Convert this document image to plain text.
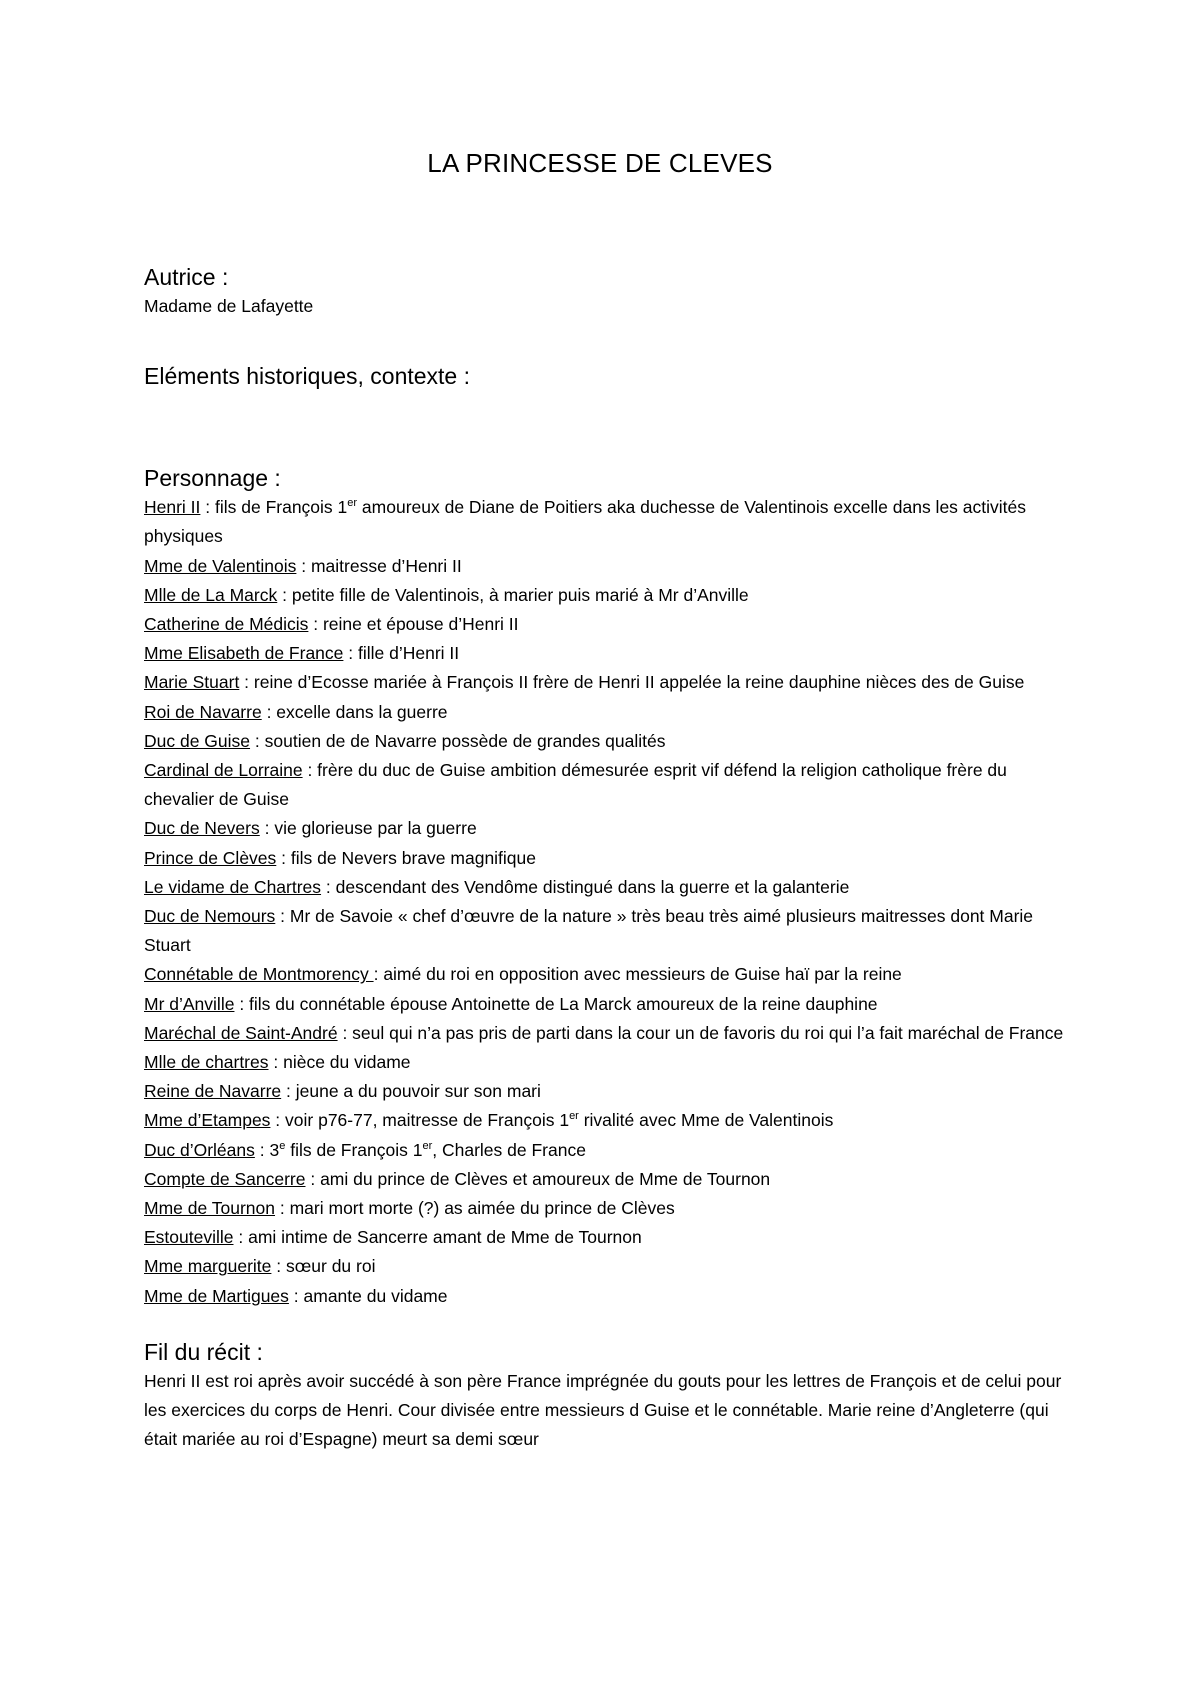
LA PRINCESSE DE CLEVES

Autrice :

Madame de Lafayette

Eléments historiques, contexte :

Personnage :

Henri II : fils de François 1er amoureux de Diane de Poitiers aka duchesse de Valentinois excelle dans les activités physiques

Mme de Valentinois : maitresse d’Henri II

Mlle de La Marck : petite fille de Valentinois, à marier puis marié à Mr d’Anville

Catherine de Médicis : reine et épouse d’Henri II

Mme Elisabeth de France : fille d’Henri II

Marie Stuart : reine d’Ecosse mariée à François II frère de Henri II appelée la reine dauphine nièces des de Guise

Roi de Navarre : excelle dans la guerre

Duc de Guise : soutien de de Navarre possède de grandes qualités

Cardinal de Lorraine : frère du duc de Guise ambition démesurée esprit vif défend la religion catholique frère du chevalier de Guise

Duc de Nevers : vie glorieuse par la guerre

Prince de Clèves : fils de Nevers brave magnifique

Le vidame de Chartres : descendant des Vendôme distingué dans la guerre et la galanterie

Duc de Nemours : Mr de Savoie « chef d’œuvre de la nature » très beau très aimé plusieurs maitresses dont Marie Stuart

Connétable de Montmorency : aimé du roi en opposition avec messieurs de Guise haï par la reine

Mr d’Anville : fils du connétable épouse Antoinette de La Marck amoureux de la reine dauphine

Maréchal de Saint-André : seul qui n’a pas pris de parti dans la cour un de favoris du roi qui l’a fait maréchal de France

Mlle de chartres : nièce du vidame

Reine de Navarre : jeune a du pouvoir sur son mari

Mme d’Etampes : voir p76-77, maitresse de François 1er rivalité avec Mme de Valentinois

Duc d’Orléans : 3e fils de François 1er, Charles de France

Compte de Sancerre : ami du prince de Clèves et amoureux de Mme de Tournon

Mme de Tournon : mari mort morte (?) as aimée du prince de Clèves

Estouteville : ami intime de Sancerre amant de Mme de Tournon

Mme marguerite : sœur du roi

Mme de Martigues : amante du vidame

Fil du récit :

Henri II est roi après avoir succédé à son père France imprégnée du gouts pour les lettres de François et de celui pour les exercices du corps de Henri. Cour divisée entre messieurs d Guise et le connétable. Marie reine d’Angleterre (qui était mariée au roi d’Espagne) meurt sa demi sœur
